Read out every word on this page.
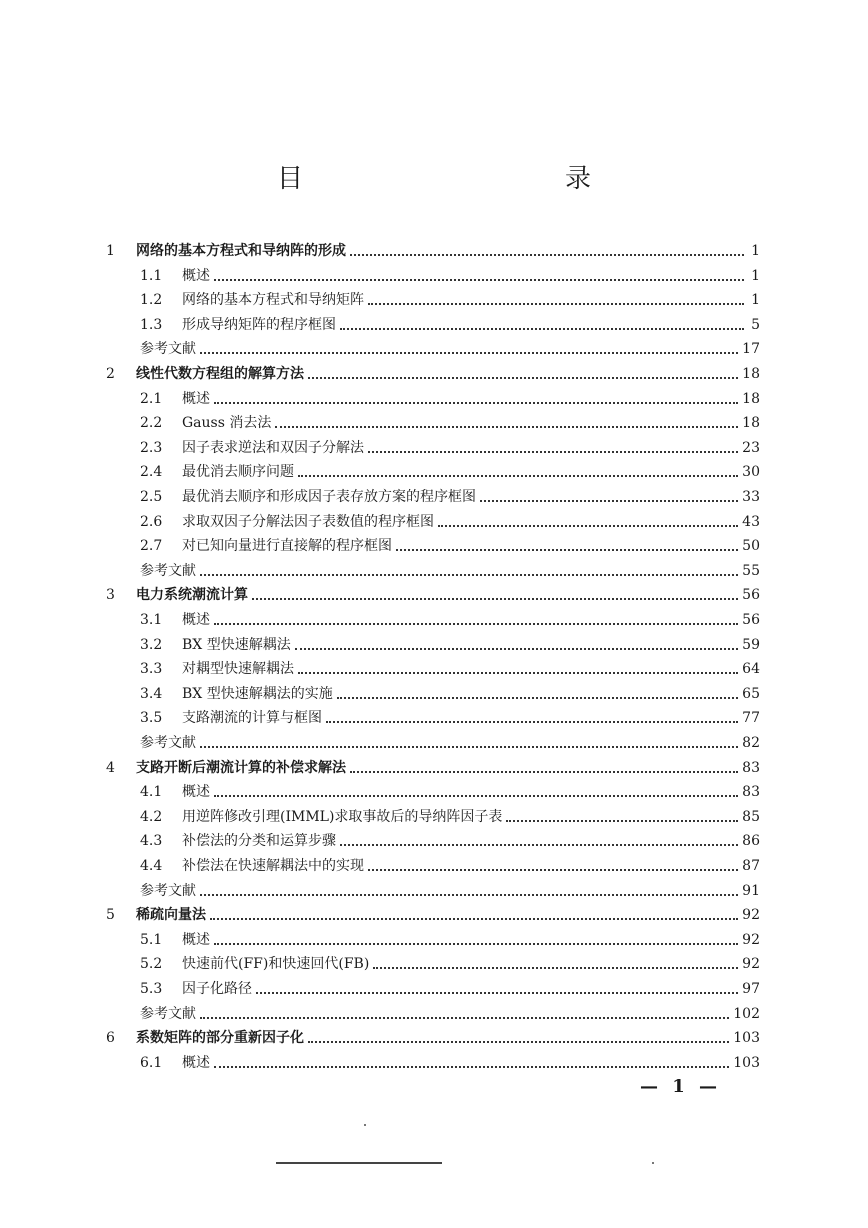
目　　录
1	网络的基本方程式和导纳阵的形成	1
1.1	概述	1
1.2	网络的基本方程式和导纳矩阵	1
1.3	形成导纳矩阵的程序框图	5
参考文献	17
2	线性代数方程组的解算方法	18
2.1	概述	18
2.2	Gauss 消去法	18
2.3	因子表求逆法和双因子分解法	23
2.4	最优消去顺序问题	30
2.5	最优消去顺序和形成因子表存放方案的程序框图	33
2.6	求取双因子分解法因子表数值的程序框图	43
2.7	对已知向量进行直接解的程序框图	50
参考文献	55
3	电力系统潮流计算	56
3.1	概述	56
3.2	BX 型快速解耦法	59
3.3	对耦型快速解耦法	64
3.4	BX 型快速解耦法的实施	65
3.5	支路潮流的计算与框图	77
参考文献	82
4	支路开断后潮流计算的补偿求解法	83
4.1	概述	83
4.2	用逆阵修改引理(IMML)求取事故后的导纳阵因子表	85
4.3	补偿法的分类和运算步骤	86
4.4	补偿法在快速解耦法中的实现	87
参考文献	91
5	稀疏向量法	92
5.1	概述	92
5.2	快速前代(FF)和快速回代(FB)	92
5.3	因子化路径	97
参考文献	102
6	系数矩阵的部分重新因子化	103
6.1	概述	103
— 1 —
